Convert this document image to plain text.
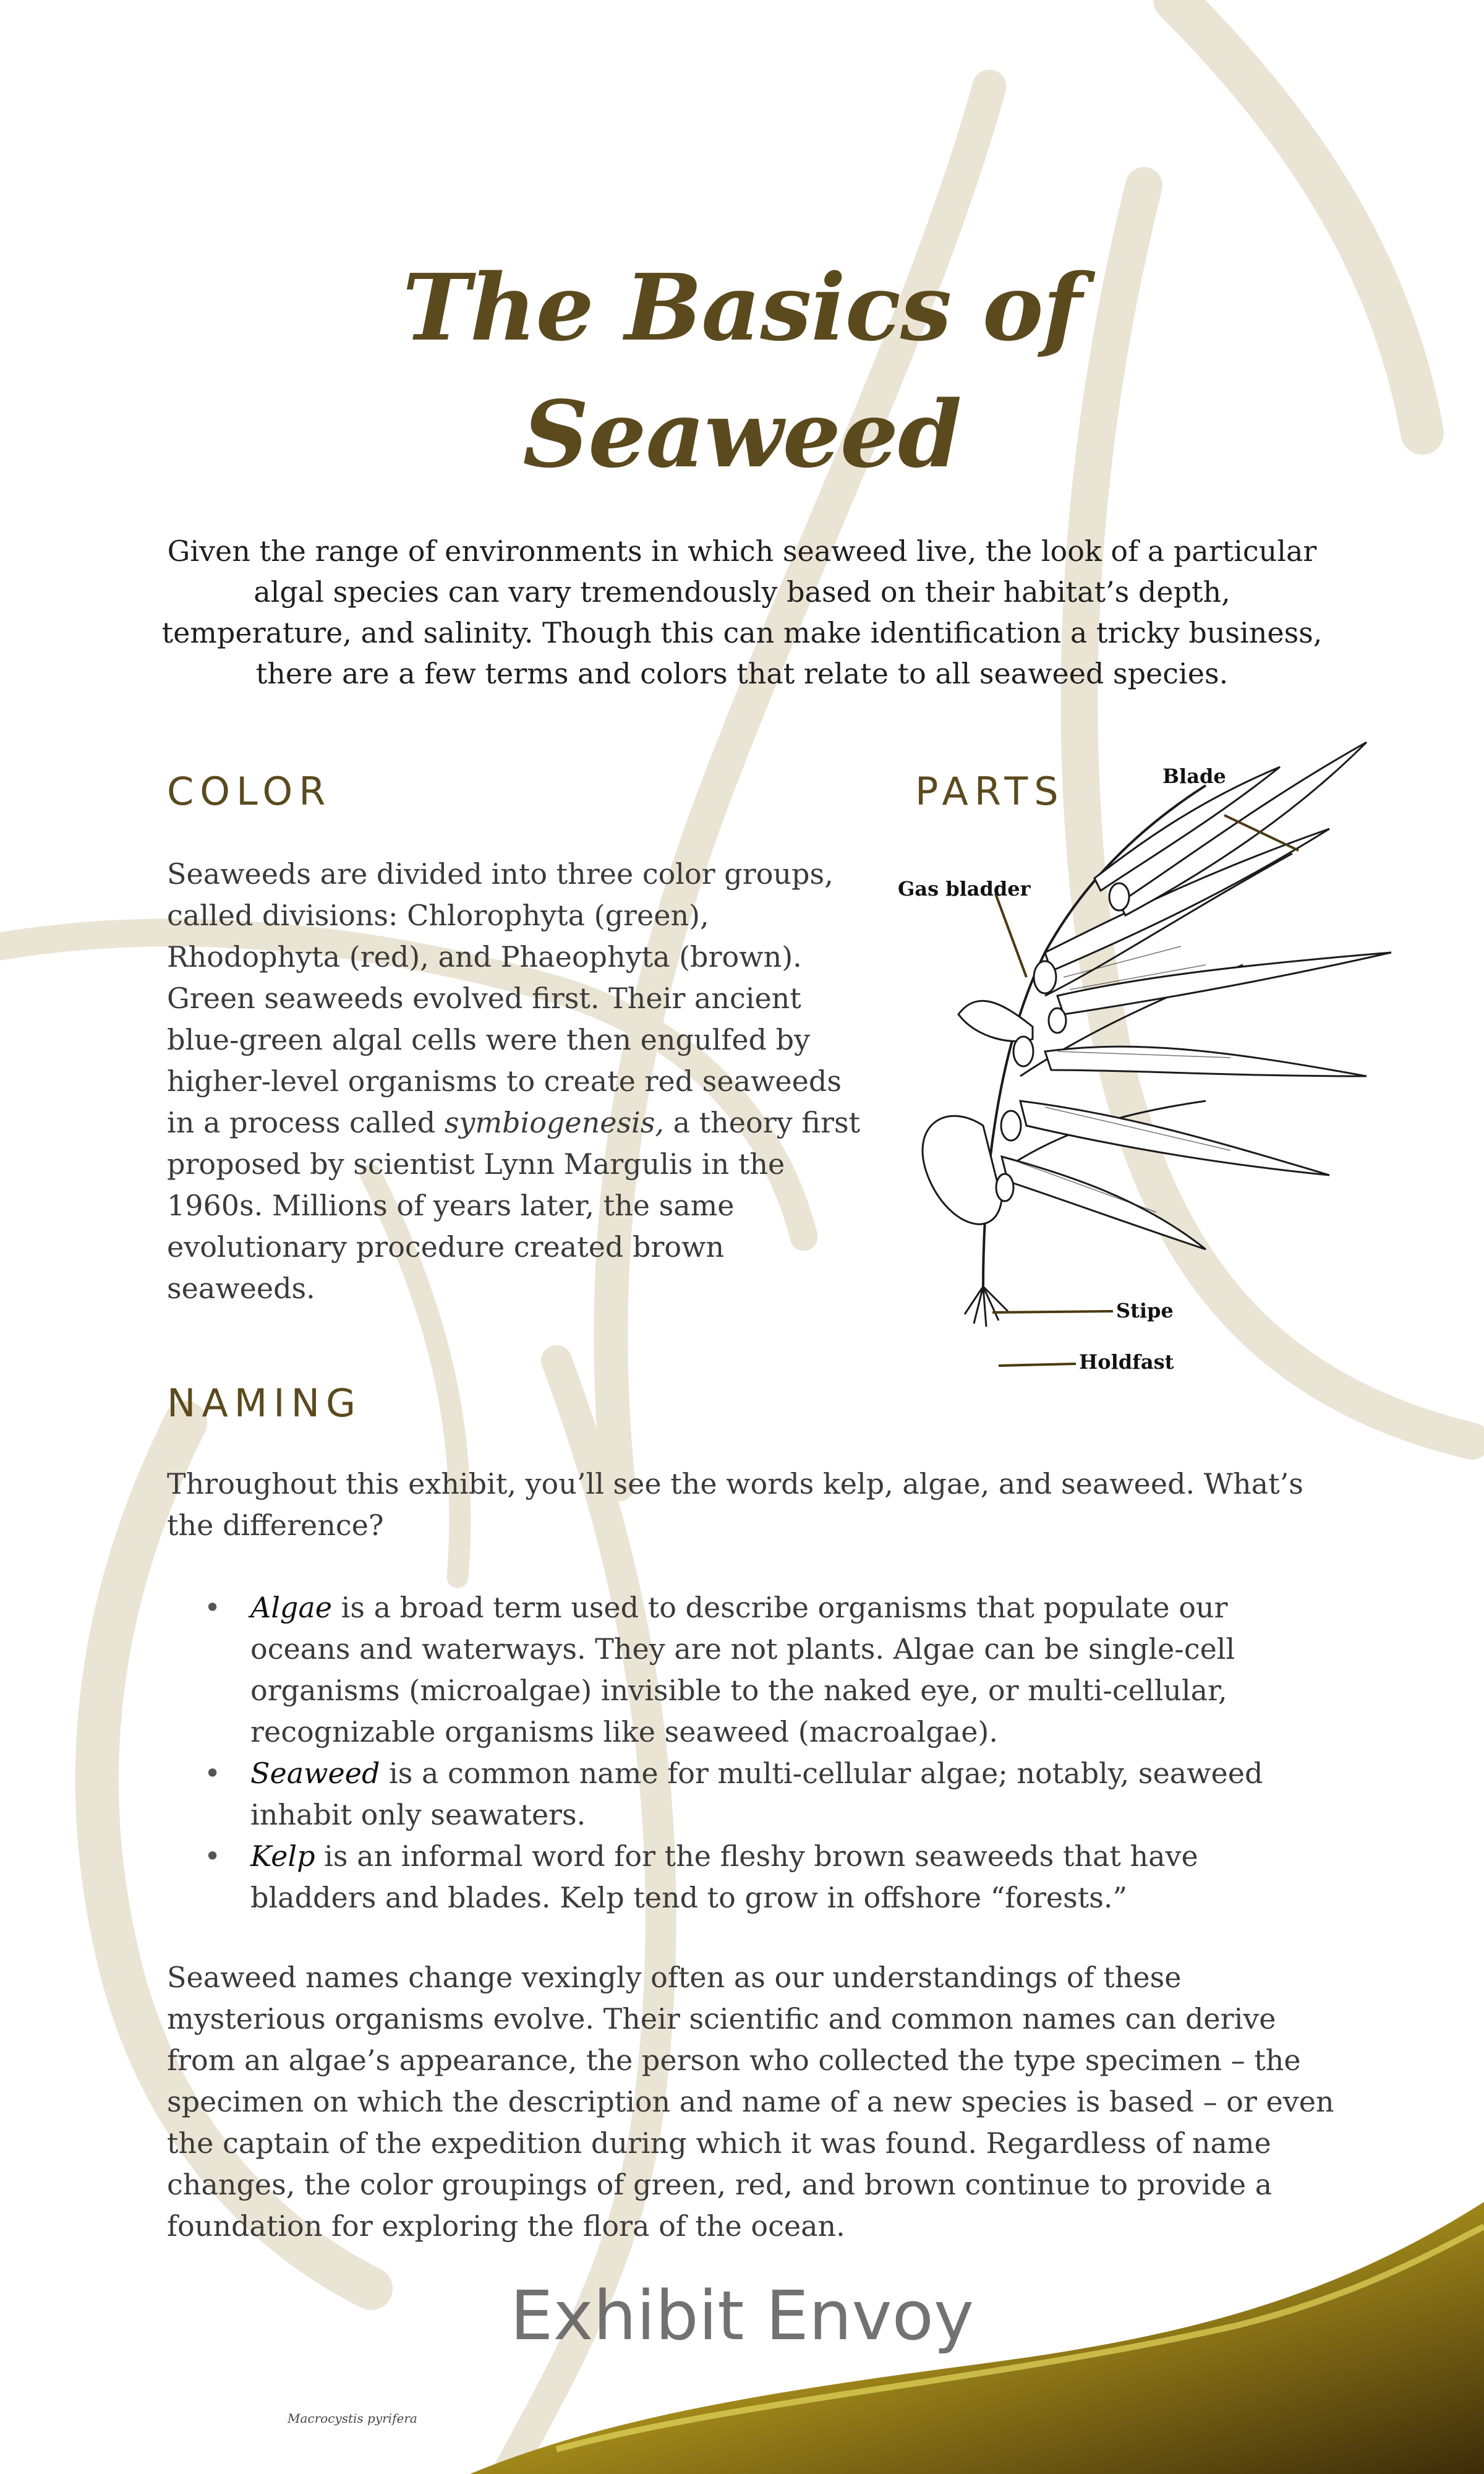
The Basics of
Seaweed

Given the range of environments in which seaweed live, the look of a particular algal species can vary tremendously based on their habitat’s depth, temperature, and salinity. Though this can make identification a tricky business, there are a few terms and colors that relate to all seaweed species.

COLOR

Seaweeds are divided into three color groups, called divisions: Chlorophyta (green), Rhodophyta (red), and Phaeophyta (brown). Green seaweeds evolved first. Their ancient blue-green algal cells were then engulfed by higher-level organisms to create red seaweeds in a process called symbiogenesis, a theory first proposed by scientist Lynn Margulis in the 1960s. Millions of years later, the same evolutionary procedure created brown seaweeds.

PARTS	Blade

Gas bladder

Stipe

Holdfast

NAMING

Throughout this exhibit, you’ll see the words kelp, algae, and seaweed. What’s the difference?

• Algae is a broad term used to describe organisms that populate our oceans and waterways. They are not plants. Algae can be single-cell organisms (microalgae) invisible to the naked eye, or multi-cellular, recognizable organisms like seaweed (macroalgae).
• Seaweed is a common name for multi-cellular algae; notably, seaweed inhabit only seawaters.
• Kelp is an informal word for the fleshy brown seaweeds that have bladders and blades. Kelp tend to grow in offshore “forests.”

Seaweed names change vexingly often as our understandings of these mysterious organisms evolve. Their scientific and common names can derive from an algae’s appearance, the person who collected the type specimen – the specimen on which the description and name of a new species is based – or even the captain of the expedition during which it was found. Regardless of name changes, the color groupings of green, red, and brown continue to provide a foundation for exploring the flora of the ocean.

Exhibit Envoy

Macrocystis pyrifera
